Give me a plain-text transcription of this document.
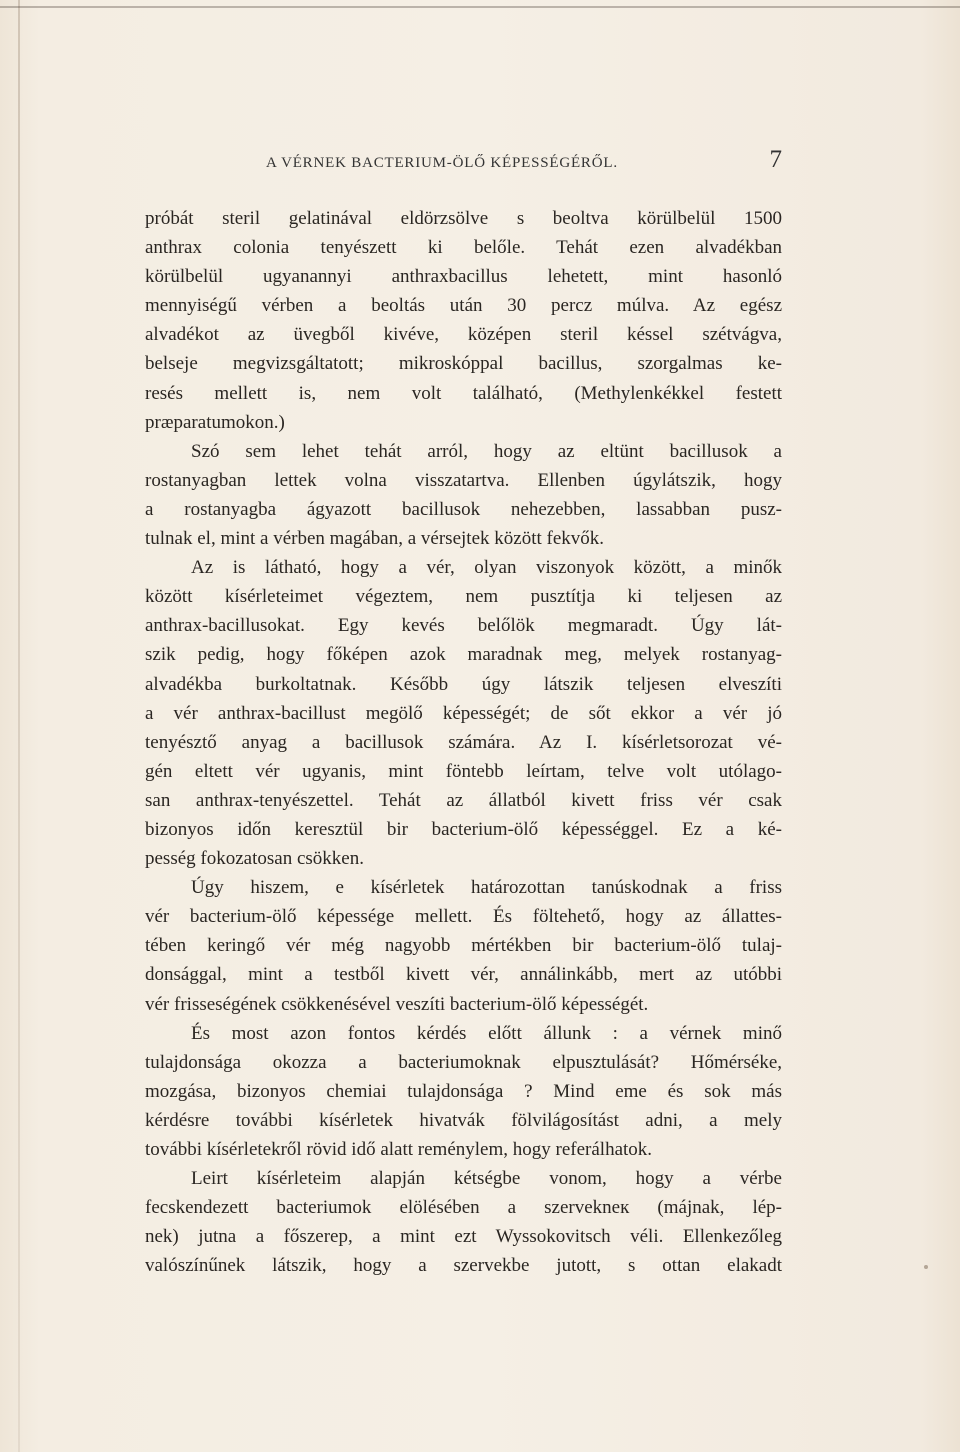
A VÉRNEK BACTERIUM-ÖLŐ KÉPESSÉGÉRŐL.	7
próbát steril gelatinával eldörzsölve s beoltva körülbelül 1500
anthrax colonia tenyészett ki belőle. Tehát ezen alvadékban
körülbelül ugyanannyi anthraxbacillus lehetett, mint hasonló
mennyiségű vérben a beoltás után 30 percz múlva. Az egész
alvadékot az üvegből kivéve, középen steril késsel szétvágva,
belseje megvizsgáltatott; mikroskóppal bacillus, szorgalmas ke-
resés mellett is, nem volt található, (Methylenkékkel festett
præparatumokon.)
Szó sem lehet tehát arról, hogy az eltünt bacillusok a
rostanyagban lettek volna visszatartva. Ellenben úgylátszik, hogy
a rostanyagba ágyazott bacillusok nehezebben, lassabban pusz-
tulnak el, mint a vérben magában, a vérsejtek között fekvők.
Az is látható, hogy a vér, olyan viszonyok között, a minők
között kísérleteimet végeztem, nem pusztítja ki teljesen az
anthrax-bacillusokat. Egy kevés belőlök megmaradt. Úgy lát-
szik pedig, hogy főképen azok maradnak meg, melyek rostanyag-
alvadékba burkoltatnak. Később úgy látszik teljesen elveszíti
a vér anthrax-bacillust megölő képességét; de sőt ekkor a vér jó
tenyésztő anyag a bacillusok számára. Az I. kísérletsorozat vé-
gén eltett vér ugyanis, mint föntebb leírtam, telve volt utólago-
san anthrax-tenyészettel. Tehát az állatból kivett friss vér csak
bizonyos időn keresztül bir bacterium-ölő képességgel. Ez a ké-
pesség fokozatosan csökken.
Úgy hiszem, e kísérletek határozottan tanúskodnak a friss
vér bacterium-ölő képessége mellett. És föltehető, hogy az állattes-
tében keringő vér még nagyobb mértékben bir bacterium-ölő tulaj-
donsággal, mint a testből kivett vér, annálinkább, mert az utóbbi
vér frisseségének csökkenésével veszíti bacterium-ölő képességét.
És most azon fontos kérdés előtt állunk : a vérnek minő
tulajdonsága okozza a bacteriumoknak elpusztulását? Hőmérséke,
mozgása, bizonyos chemiai tulajdonsága ? Mind eme és sok más
kérdésre további kísérletek hivatvák fölvilágosítást adni, a mely
további kísérletekről rövid idő alatt reménylem, hogy referálhatok.
Leirt kísérleteim alapján kétségbe vonom, hogy a vérbe
fecskendezett bacteriumok elölésében a szervekneк (májnak, lép-
nek) jutna a főszerep, a mint ezt Wyssokovitsch véli. Ellenkezőleg
valószínűnek látszik, hogy a szervekbe jutott, s ottan elakadt
